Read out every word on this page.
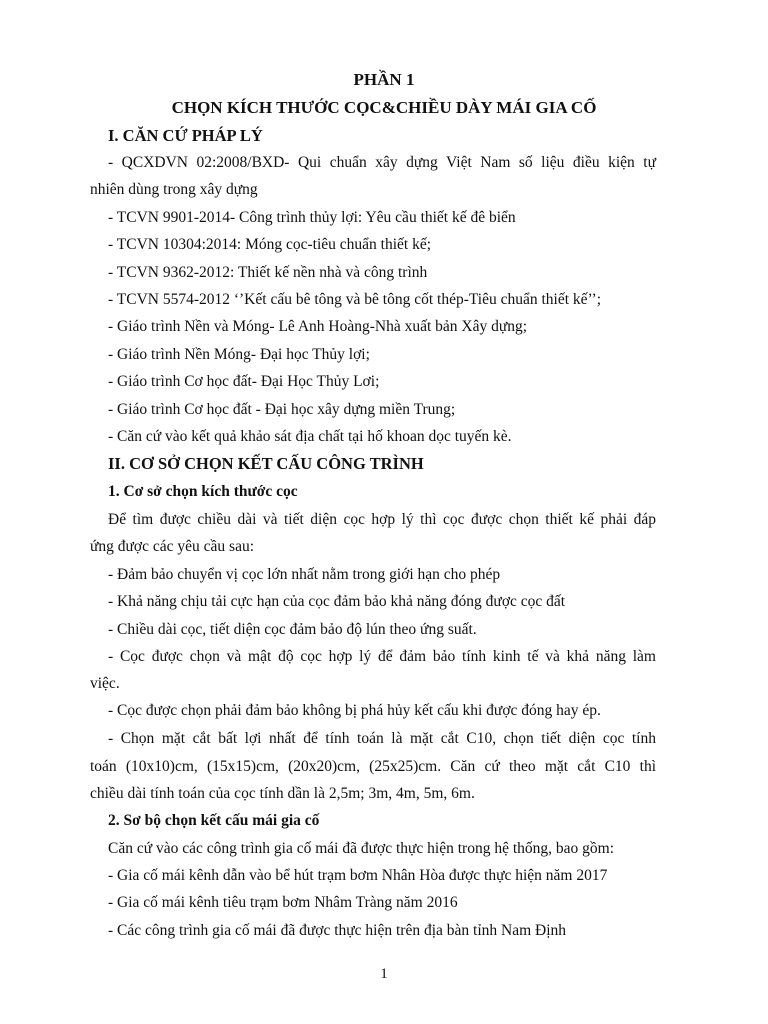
PHẦN 1

CHỌN KÍCH THƯỚC CỌC&CHIỀU DÀY MÁI GIA CỐ

I. CĂN CỨ PHÁP LÝ

- QCXDVN 02:2008/BXD- Qui chuẩn xây dựng Việt Nam số liệu điều kiện tự

nhiên dùng trong xây dựng

- TCVN 9901-2014- Công trình thủy lợi: Yêu cầu thiết kế đê biển

- TCVN 10304:2014: Móng cọc-tiêu chuẩn thiết kế;

- TCVN 9362-2012: Thiết kế nền nhà và công trình

- TCVN 5574-2012 ‘’Kết cấu bê tông và bê tông cốt thép-Tiêu chuẩn thiết kế’’;

- Giáo trình Nền và Móng- Lê Anh Hoàng-Nhà xuất bản Xây dựng;

- Giáo trình Nền Móng- Đại học Thủy lợi;

- Giáo trình Cơ học đất- Đại Học Thủy Lơi;

- Giáo trình Cơ học đất - Đại học xây dựng miền Trung;

- Căn cứ vào kết quả khảo sát địa chất tại hố khoan dọc tuyến kè.

II. CƠ SỞ CHỌN KẾT CẤU CÔNG TRÌNH

1. Cơ sở chọn kích thước cọc

Để tìm được chiều dài và tiết diện cọc hợp lý thì cọc được chọn thiết kế phải đáp

ứng được các yêu cầu sau:

- Đảm bảo chuyển vị cọc lớn nhất nằm trong giới hạn cho phép

- Khả năng chịu tải cực hạn của cọc đảm bảo khả năng đóng được cọc đất

- Chiều dài cọc, tiết diện cọc đảm bảo độ lún theo ứng suất.

- Cọc được chọn và mật độ cọc hợp lý để đảm bảo tính kinh tế và khả năng làm

việc.

- Cọc được chọn phải đảm bảo không bị phá hủy kết cấu khi được đóng hay ép.

- Chọn mặt cắt bất lợi nhất để tính toán là mặt cắt C10, chọn tiết diện cọc tính

toán (10x10)cm, (15x15)cm, (20x20)cm, (25x25)cm. Căn cứ theo mặt cắt C10 thì

chiều dài tính toán của cọc tính dần là 2,5m; 3m, 4m, 5m, 6m.

2. Sơ bộ chọn kết cấu mái gia cố

Căn cứ vào các công trình gia cố mái đã được thực hiện trong hệ thống, bao gồm:

- Gia cố mái kênh dẫn vào bể hút trạm bơm Nhân Hòa được thực hiện năm 2017

- Gia cố mái kênh tiêu trạm bơm Nhâm Tràng năm 2016

- Các công trình gia cố mái đã được thực hiện trên địa bàn tỉnh Nam Định

1
